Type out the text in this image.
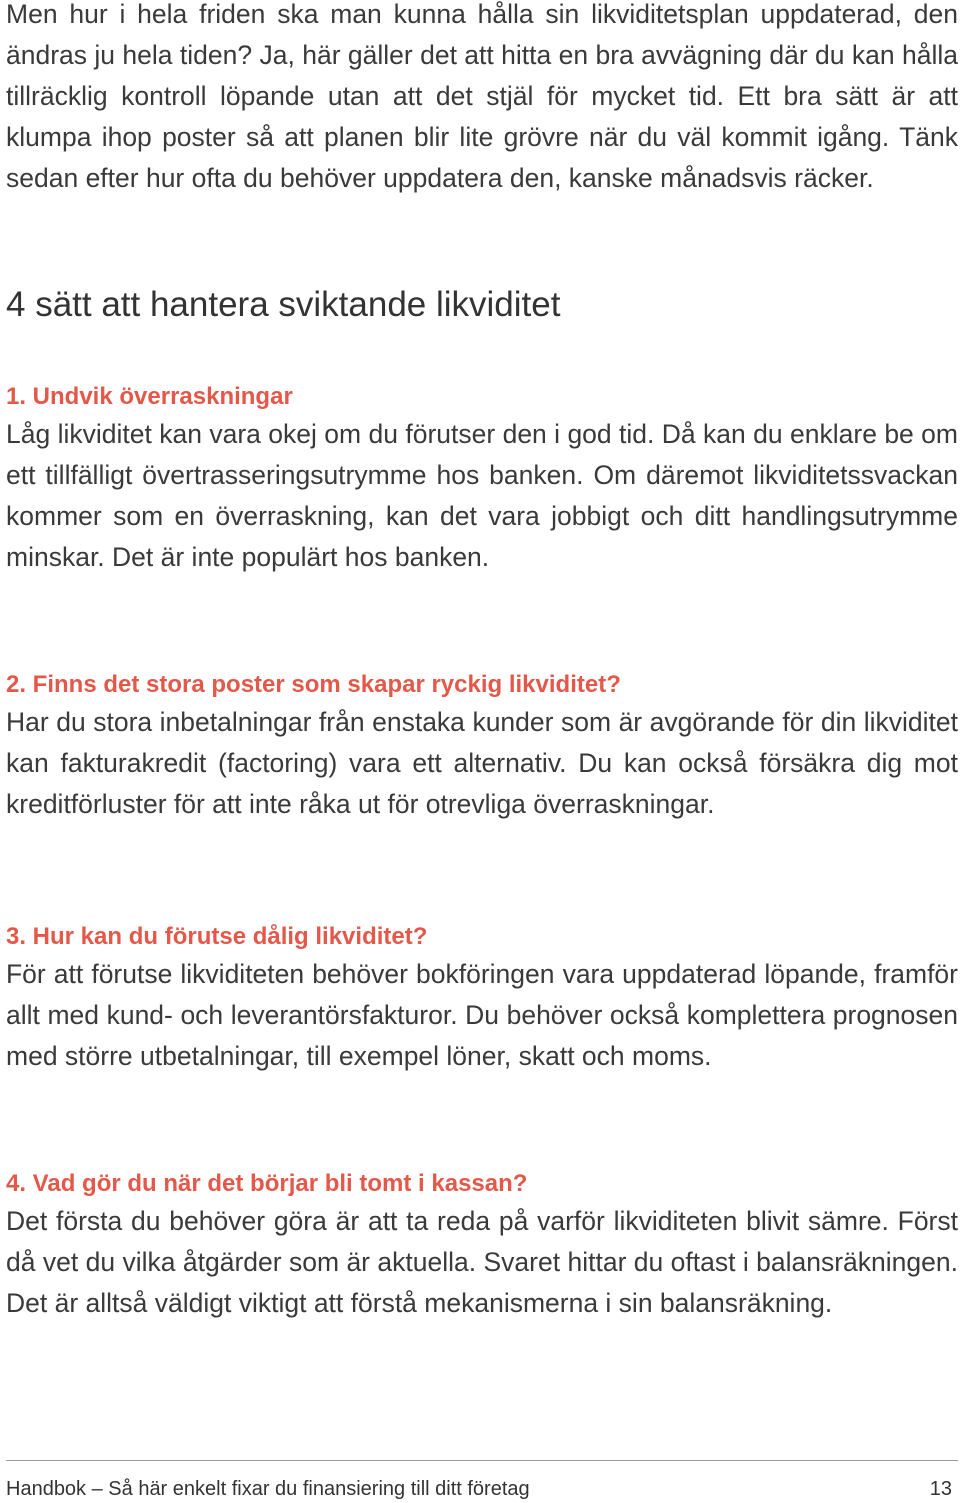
Men hur i hela friden ska man kunna hålla sin likviditetsplan uppdaterad, den ändras ju hela tiden? Ja, här gäller det att hitta en bra avvägning där du kan hålla tillräcklig kontroll löpande utan att det stjäl för mycket tid. Ett bra sätt är att klumpa ihop poster så att planen blir lite grövre när du väl kommit igång. Tänk sedan efter hur ofta du behöver uppdatera den, kanske månadsvis räcker.

4 sätt att hantera sviktande likviditet
1. Undvik överraskningar

Låg likviditet kan vara okej om du förutser den i god tid. Då kan du enklare be om ett tillfälligt övertrasseringsutrymme hos banken. Om däremot likviditetssvackan kommer som en överraskning, kan det vara jobbigt och ditt handlingsutrymme minskar. Det är inte populärt hos banken.

2. Finns det stora poster som skapar ryckig likviditet?

Har du stora inbetalningar från enstaka kunder som är avgörande för din likviditet kan fakturakredit (factoring) vara ett alternativ. Du kan också försäkra dig mot kreditförluster för att inte råka ut för otrevliga överraskningar.

3. Hur kan du förutse dålig likviditet?

För att förutse likviditeten behöver bokföringen vara uppdaterad löpande, framför allt med kund- och leverantörsfakturor. Du behöver också komplettera prognosen med större utbetalningar, till exempel löner, skatt och moms.

4. Vad gör du när det börjar bli tomt i kassan?

Det första du behöver göra är att ta reda på varför likviditeten blivit sämre. Först då vet du vilka åtgärder som är aktuella. Svaret hittar du oftast i balansräkningen. Det är alltså väldigt viktigt att förstå mekanismerna i sin balansräkning.

Handbok – Så här enkelt fixar du finansiering till ditt företag	13
